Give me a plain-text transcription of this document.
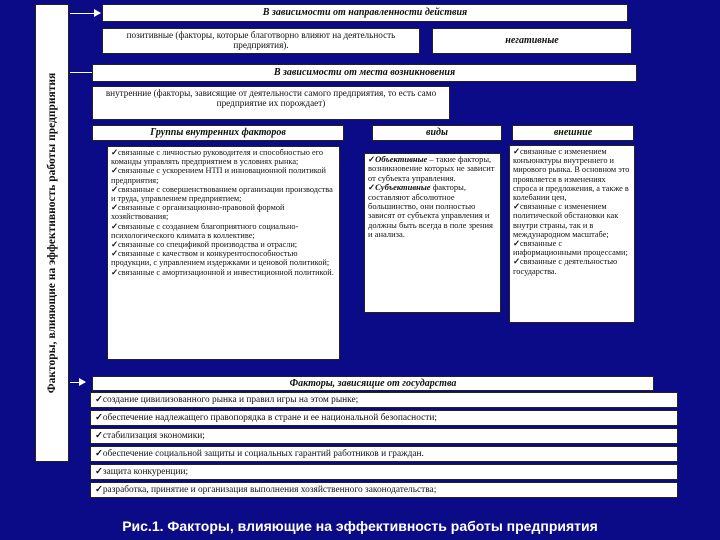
Факторы, влияющие на эффективность работы предприятия
В зависимости от направленности действия
позитивные (факторы, которые благотворно влияют на деятельность предприятия).	негативные
В зависимости от места возникновения
внутренние (факторы, зависящие от деятельности самого предприятия, то есть само предприятие их порождает)
Группы внутренних факторов	виды	внешние
✓ связанные с личностью руководителя и способностью его команды управлять предприятием в условиях рынка;
✓ связанные с ускорением НТП и инновационной политикой предприятия;
✓ связанные с совершенствованием организации производства и труда, управлением предприятием;
✓ связанные с организационно-правовой формой хозяйствования;
✓ связанные с созданием благоприятного социально-психологического климата в коллективе;
✓ связанные со спецификой производства и отрасли;
✓ связанные с качеством и конкурентоспособностью продукции, с управлением издержками и ценовой политикой;
✓ связанные с амортизационной и инвестиционной политикой.
✓ Объективные – такие факторы, возникновение которых не зависит от субъекта управления.
✓ Субъективные факторы, составляют абсолютное большинство, они полностью зависят от субъекта управления и должны быть всегда в поле зрения и анализа.
✓ связанные с изменением конъюнктуры внутреннего и мирового рынка. В основном это проявляется в изменениях спроса и предложения, а также в колебании цен,
✓ связанные с изменением политической обстановки как внутри страны, так и в международном масштабе;
✓ связанные с информационными процессами;
✓ связанные с деятельностью государства.
Факторы, зависящие от государства
✓ создание цивилизованного рынка и правил игры на этом рынке;
✓ обеспечение надлежащего правопорядка в стране и ее национальной безопасности;
✓ стабилизация экономики;
✓ обеспечение социальной защиты и социальных гарантий работников и граждан.
✓ защита конкуренции;
✓ разработка, принятие и организация выполнения хозяйственного законодательства;
Рис.1. Факторы, влияющие на эффективность работы предприятия
